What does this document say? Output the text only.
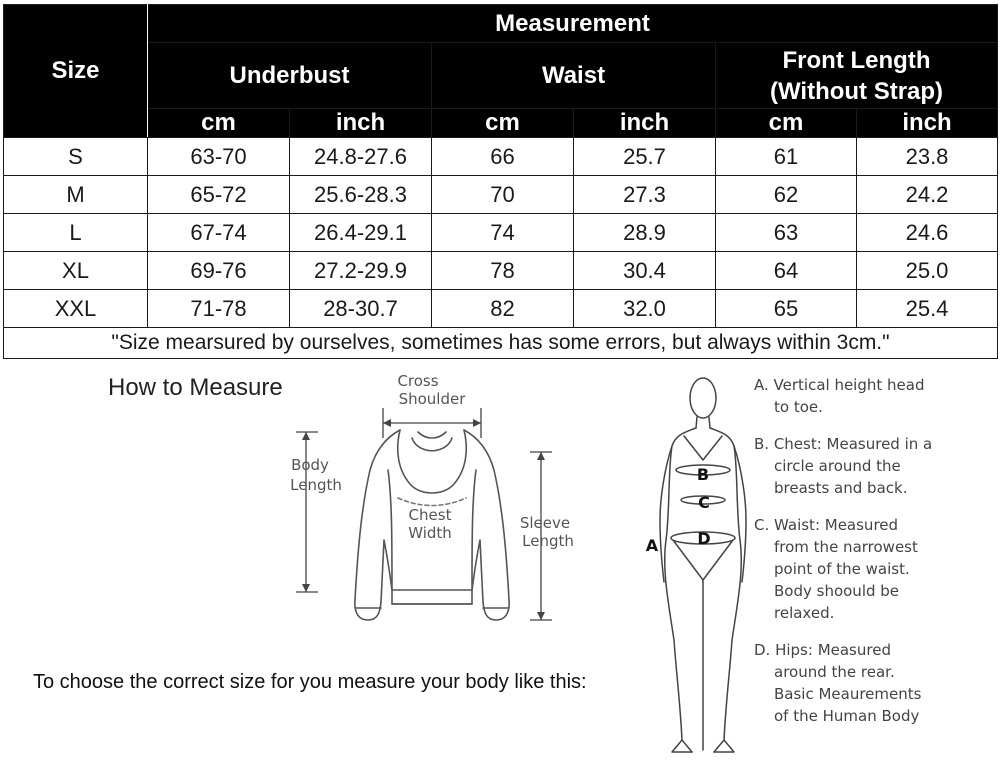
Size	Measurement					
	Underbust		Waist		Front Length
(Without Strap)	
	cm	inch	cm	inch	cm	inch
S	63-70	24.8-27.6	66	25.7	61	23.8
M	65-72	25.6-28.3	70	27.3	62	24.2
L	67-74	26.4-29.1	74	28.9	63	24.6
XL	69-76	27.2-29.9	78	30.4	64	25.0
XXL	71-78	28-30.7	82	32.0	65	25.4
"Size mearsured by ourselves, sometimes has some errors, but always within 3cm."						
How to Measure
To choose the correct size for you measure your body like this:
Cross
Shoulder
Body
Length
Chest
Width
Sleeve
Length	A
B
C
D
A. Vertical height head
to toe.
B. Chest: Measured in a
circle around the
breasts and back.
C. Waist: Measured
from the narrowest
point of the waist.
Body shoould be
relaxed.
D. Hips: Measured
around the rear.
Basic Meaurements
of the Human Body
